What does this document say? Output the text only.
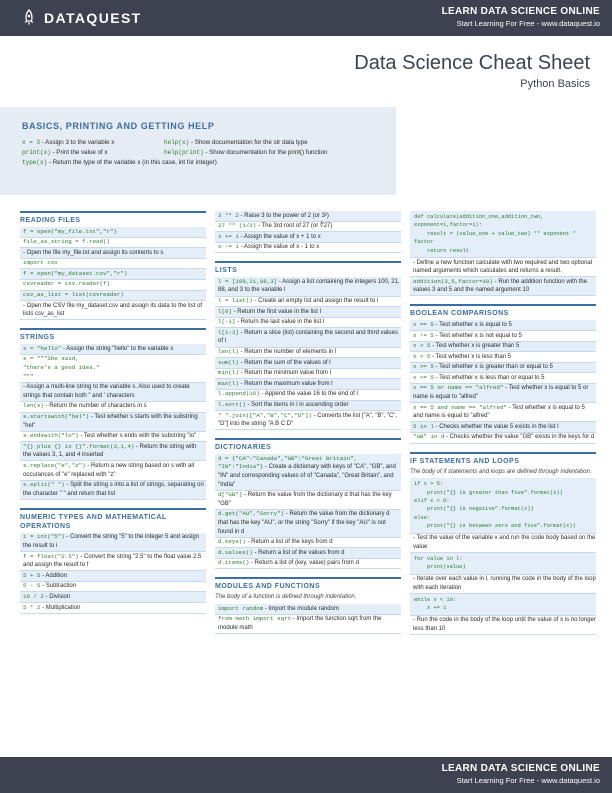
DATAQUEST	LEARN DATA SCIENCE ONLINE
Start Learning For Free - www.dataquest.io
Data Science Cheat Sheet
Python Basics
BASICS, PRINTING AND GETTING HELP
x = 3 - Assign 3 to the variable x	help(x) - Show documentation for the str data type
print(x) - Print the value of x	help(print) - Show documentation for the print() function
type(x) - Return the type of the variable x (in this case, int for integer)
READING FILES
f = open("my_file.txt","r")
file_as_string = f.read()
- Open the file my_file.txt and assign its contents to s
import csv
f = open("my_dataset.csv","r")
csvreader = csv.reader(f)
csv_as_list = list(csvreader)
- Open the CSV file my_dataset.csv and assign its data to the list of lists csv_as_list
STRINGS
s = "hello" - Assign the string "hello" to the variable s
s = """She said,
"there's a good idea."
"""
- Assign a multi-line string to the variable s. Also used to create strings that contain both " and ' characters
len(s) - Return the number of characters in s
s.startswith("hel") - Test whether s starts with the substring "hel"
s.endswith("lo") - Test whether s ends with the substring "lo"
"{} plus {} is {}".format(3,1,4) - Return the string with the values 3, 1, and 4 inserted
s.replace("e","z") - Return a new string based on s with all occurances of "e" replaced with "z"
s.split(" ") - Split the string s into a list of strings, separating on the character " " and return that list
NUMERIC TYPES AND MATHEMATICAL OPERATIONS
i = int("5") - Convert the string "5" to the integer 5 and assign the result to i
f = float("2.5") - Convert the string "2.5" to the float value 2.5 and assign the result to f
5 + 5 - Addition
5 - 5 - Subtraction
10 / 2 - Division
5 * 2 - Multiplication
3 ** 2 - Raise 3 to the power of 2 (or 3²)
27 ** (1/3) - The 3rd root of 27 (or ∛27)
x += 1 - Assign the value of x + 1 to x
x -= 1 - Assign the value of x - 1 to x
LISTS
l = [100,21,88,3] - Assign a list containing the integers 100, 21, 88, and 3 to the variable l
l = list() - Create an empty list and assign the result to l
l[0] - Return the first value in the list l
l[-1] - Return the last value in the list l
l[1:3] - Return a slice (list) containing the second and third values of l
len(l) - Return the number of elements in l
sum(l) - Return the sum of the values of l
min(l) - Return the minimum value from l
max(l) - Return the maximum value from l
l.append(16) - Append the value 16 to the end of l
l.sort() - Sort the items in l in ascending order
" ".join(["A","B","C","D"]) - Converts the list ["A", "B", "C", "D"] into the string "A B C D"
DICTIONARIES
d = {"CA":"Canada","GB":"Great Britain", "IN":"India"} - Create a dictionary with keys of "CA", "GB", and "IN" and corresponding values of of "Canada", "Great Britain", and "India"
d["GB"] - Return the value from the dictionary d that has the key "GB"
d.get("AU","Sorry") - Return the value from the dictionary d that has the key "AU", or the string "Sorry" if the key "AU" is not found in d
d.keys() - Return a list of the keys from d
d.values() - Return a list of the values from d
d.items() - Return a list of (key, value) pairs from d
MODULES AND FUNCTIONS
The body of a function is defined through indentation.
import random - Import the module random
from math import sqrt - Import the function sqrt from the module math
def calculate(addition_one,addition_two,
exponent=1,factor=1):
result = (value_one + value_two) ** exponent * factor
return result
- Define a new function calculate with two required and two optional named arguments which calculates and returns a result.
addition(3,5,factor=10) - Run the addition function with the values 3 and 5 and the named argument 10
BOOLEAN COMPARISONS
x == 5 - Test whether x is equal to 5
x != 5 - Test whether x is not equal to 5
x > 5 - Test whether x is greater than 5
x < 5 - Test whether x is less than 5
x >= 5 - Test whether x is greater than or equal to 5
x <= 5 - Test whether x is less than or equal to 5
x == 5 or name == "alfred" - Test whether x is equal to 5 or name is equal to "alfred"
x == 5 and name == "alfred" - Test whether x is equal to 5 and name is equal to "alfred"
5 in l - Checks whether the value 5 exists in the list l
"GB" in d - Checks whether the value "GB" exists in the keys for d
IF STATEMENTS AND LOOPS
The body of if statements and loops are defined through indentation.
if x > 5:
print("{} is greater than five".format(x))
elif x < 0:
print("{} is negative".format(x))
else:
print("{} is between zero and five".format(x))
- Test the value of the variable x and run the code body based on the value
for value in l:
print(value)
- Iterate over each value in l, running the code in the body of the loop with each iteration
while x < 10:
x += 1
- Run the code in the body of the loop until the value of x is no longer less than 10
LEARN DATA SCIENCE ONLINE
Start Learning For Free - www.dataquest.io
